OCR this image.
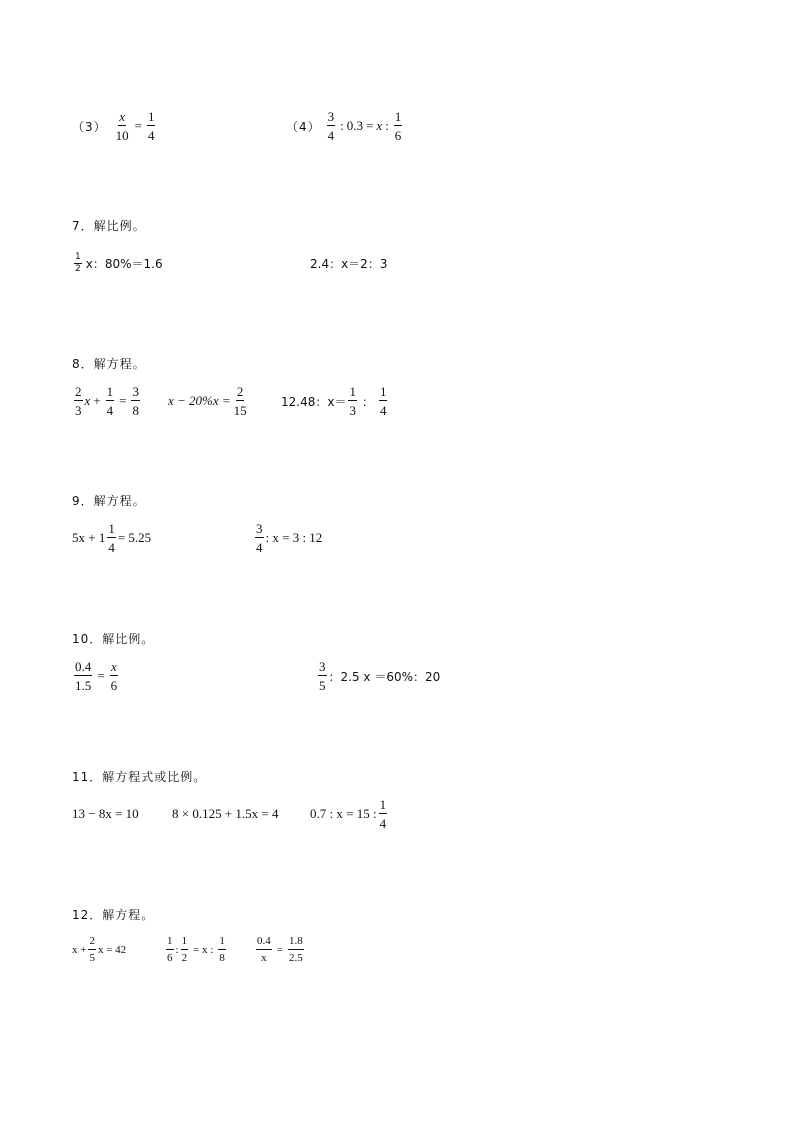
$(3) \frac{x}{10} = \frac{1}{4}$	$(4) \frac{3}{4}$ : 0.3 = x : $\frac{1}{6}$
7．解比例。
$\frac{1}{2}$ x：80%＝1.6	2.4：x＝2：3
8．解方程。
$\frac{2}{3}$ $x + \frac{1}{4} = \frac{3}{8}$ $x - 20\%x = \frac{2}{15}$	12.48：$x= \frac{1}{3}$ ： $\frac{1}{4}$
9．解方程。
$5x + 1 \frac{1}{4} = 5.25$	$\frac{3}{4}$ : x = 3 : 12
10．解比例。
$\frac{0.4}{1.5} = \frac{x}{6}$	$\frac{3}{5}$ ：2.5 x ＝60%：20
11．解方程式或比例。
13 − 8x = 10	8 × 0.125 + 1.5x = 4 0.7 : x = 15 : $\frac{1}{4}$
12．解方程。
$x + \frac{2}{5}$ x = 42	$\frac{1}{6}$ : $\frac{1}{2} = x$ : $\frac{1}{8}$	$\frac{0.4}{x} = \frac{1.8}{2.5}$
